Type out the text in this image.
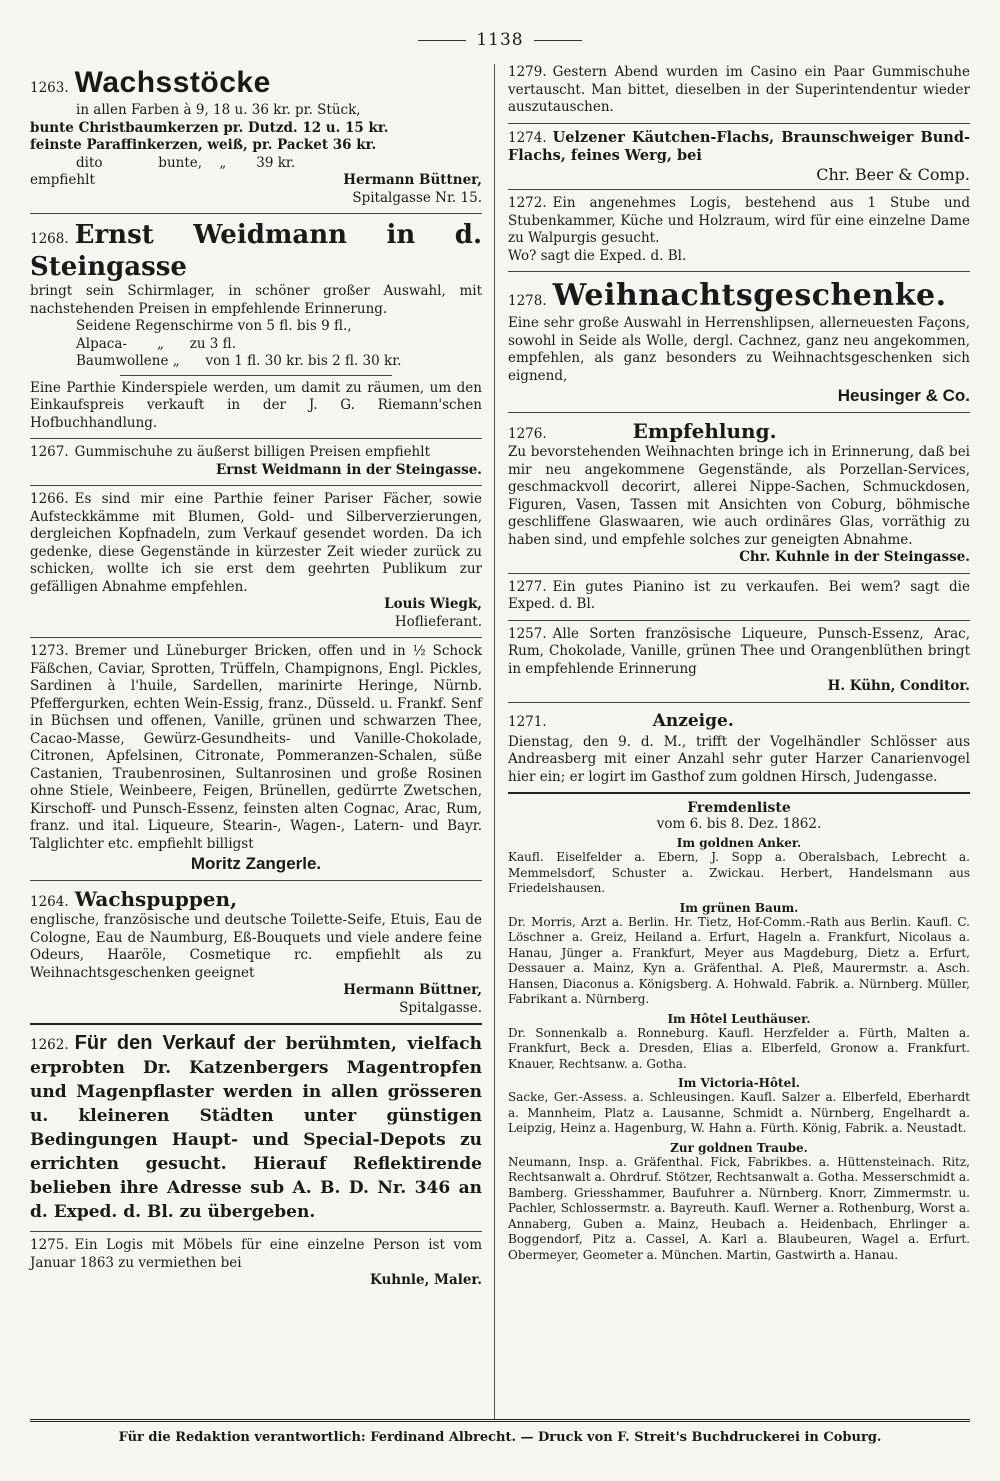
1138

1263. Wachsstöcke

in allen Farben à 9, 18 u. 36 kr. pr. Stück,

bunte Christbaumkerzen pr. Dutzd. 12 u. 15 kr.

feinste Paraffinkerzen, weiß, pr. Packet 36 kr.

dito             bunte,    „       39 kr.

empfiehlt	Hermann Büttner,

Spitalgasse Nr. 15.

1268. Ernst Weidmann in d. Steingasse

bringt sein Schirmlager, in schöner großer Auswahl, mit nachstehenden Preisen in empfehlende Erinnerung.

Seidene Regenschirme von 5 fl. bis 9 fl.,

Alpaca-       „      zu 3 fl.

Baumwollene „      von 1 fl. 30 kr. bis 2 fl. 30 kr.

Eine Parthie Kinderspiele werden, um damit zu räumen, um den Einkaufspreis verkauft in der J. G. Riemann'schen Hofbuchhandlung.

1267. Gummischuhe zu äußerst billigen Preisen empfiehlt

Ernst Weidmann in der Steingasse.

1266. Es sind mir eine Parthie feiner Pariser Fächer, sowie Aufsteckkämme mit Blumen, Gold- und Silberverzierungen, dergleichen Kopfnadeln, zum Verkauf gesendet worden. Da ich gedenke, diese Gegenstände in kürzester Zeit wieder zurück zu schicken, wollte ich sie erst dem geehrten Publikum zur gefälligen Abnahme empfehlen.

Louis Wiegk,

Hoflieferant.

1273. Bremer und Lüneburger Bricken, offen und in ½ Schock Fäßchen, Caviar, Sprotten, Trüffeln, Champignons, Engl. Pickles, Sardinen à l'huile, Sardellen, marinirte Heringe, Nürnb. Pfeffergurken, echten Wein-Essig, franz., Düsseld. u. Frankf. Senf in Büchsen und offenen, Vanille, grünen und schwarzen Thee, Cacao-Masse, Gewürz-Gesundheits- und Vanille-Chokolade, Citronen, Apfelsinen, Citronate, Pommeranzen-Schalen, süße Castanien, Traubenrosinen, Sultanrosinen und große Rosinen ohne Stiele, Weinbeere, Feigen, Brünellen, gedürrte Zwetschen, Kirschoff- und Punsch-Essenz, feinsten alten Cognac, Arac, Rum, franz. und ital. Liqueure, Stearin-, Wagen-, Latern- und Bayr. Talglichter etc. empfiehlt billigst

Moritz Zangerle.

1264. Wachspuppen,

englische, französische und deutsche Toilette-Seife, Etuis, Eau de Cologne, Eau de Naumburg, Eß-Bouquets und viele andere feine Odeurs, Haaröle, Cosmetique rc. empfiehlt als zu Weihnachtsgeschenken geeignet

Hermann Büttner,

Spitalgasse.

1262. Für den Verkauf der berühmten, vielfach erprobten Dr. Katzenbergers Magentropfen und Magenpflaster werden in allen grösseren u. kleineren Städten unter günstigen Bedingungen Haupt- und Special-Depots zu errichten gesucht. Hierauf Reflektirende belieben ihre Adresse sub A. B. D. Nr. 346 an d. Exped. d. Bl. zu übergeben.

1275. Ein Logis mit Möbels für eine einzelne Person ist vom Januar 1863 zu vermiethen bei

Kuhnle, Maler.

1279. Gestern Abend wurden im Casino ein Paar Gummischuhe vertauscht. Man bittet, dieselben in der Superintendentur wieder auszutauschen.

1274. Uelzener Käutchen-Flachs, Braunschweiger Bund-Flachs, feines Werg, bei

Chr. Beer & Comp.

1272. Ein angenehmes Logis, bestehend aus 1 Stube und Stubenkammer, Küche und Holzraum, wird für eine einzelne Dame zu Walpurgis gesucht.

Wo? sagt die Exped. d. Bl.

1278. Weihnachtsgeschenke.

Eine sehr große Auswahl in Herrenshlipsen, allerneuesten Façons, sowohl in Seide als Wolle, dergl. Cachnez, ganz neu angekommen, empfehlen, als ganz besonders zu Weihnachtsgeschenken sich eignend,

Heusinger & Co.

1276.	Empfehlung.

Zu bevorstehenden Weihnachten bringe ich in Erinnerung, daß bei mir neu angekommene Gegenstände, als Porzellan-Services, geschmackvoll decorirt, allerei Nippe-Sachen, Schmuckdosen, Figuren, Vasen, Tassen mit Ansichten von Coburg, böhmische geschliffene Glaswaaren, wie auch ordinäres Glas, vorräthig zu haben sind, und empfehle solches zur geneigten Abnahme.

Chr. Kuhnle in der Steingasse.

1277. Ein gutes Pianino ist zu verkaufen. Bei wem? sagt die Exped. d. Bl.

1257. Alle Sorten französische Liqueure, Punsch-Essenz, Arac, Rum, Chokolade, Vanille, grünen Thee und Orangenblüthen bringt in empfehlende Erinnerung

H. Kühn, Conditor.

1271.	Anzeige.

Dienstag, den 9. d. M., trifft der Vogelhändler Schlösser aus Andreasberg mit einer Anzahl sehr guter Harzer Canarienvogel hier ein; er logirt im Gasthof zum goldnen Hirsch, Judengasse.

Fremdenliste
vom 6. bis 8. Dez. 1862.
Im goldnen Anker.
Kaufl. Eiselfelder a. Ebern, J. Sopp a. Oberalsbach, Lebrecht a. Memmelsdorf, Schuster a. Zwickau. Herbert, Handelsmann aus Friedelshausen.
Im grünen Baum.
Dr. Morris, Arzt a. Berlin. Hr. Tietz, Hof-Comm.-Rath aus Berlin. Kaufl. C. Löschner a. Greiz, Heiland a. Erfurt, Hageln a. Frankfurt, Nicolaus a. Hanau, Jünger a. Frankfurt, Meyer aus Magdeburg, Dietz a. Erfurt, Dessauer a. Mainz, Kyn a. Gräfenthal. A. Pleß, Maurermstr. a. Asch. Hansen, Diaconus a. Königsberg. A. Hohwald. Fabrik. a. Nürnberg. Müller, Fabrikant a. Nürnberg.
Im Hôtel Leuthäuser.
Dr. Sonnenkalb a. Ronneburg. Kaufl. Herzfelder a. Fürth, Malten a. Frankfurt, Beck a. Dresden, Elias a. Elberfeld, Gronow a. Frankfurt. Knauer, Rechtsanw. a. Gotha.
Im Victoria-Hôtel.
Sacke, Ger.-Assess. a. Schleusingen. Kaufl. Salzer a. Elberfeld, Eberhardt a. Mannheim, Platz a. Lausanne, Schmidt a. Nürnberg, Engelhardt a. Leipzig, Heinz a. Hagenburg, W. Hahn a. Fürth. König, Fabrik. a. Neustadt.
Zur goldnen Traube.
Neumann, Insp. a. Gräfenthal. Fick, Fabrikbes. a. Hüttensteinach. Ritz, Rechtsanwalt a. Ohrdruf. Stötzer, Rechtsanwalt a. Gotha. Messerschmidt a. Bamberg. Griesshammer, Baufuhrer a. Nürnberg. Knorr, Zimmermstr. u. Pachler, Schlossermstr. a. Bayreuth. Kaufl. Werner a. Rothenburg, Worst a. Annaberg, Guben a. Mainz, Heubach a. Heidenbach, Ehrlinger a. Boggendorf, Pitz a. Cassel, A. Karl a. Blaubeuren, Wagel a. Erfurt. Obermeyer, Geometer a. München. Martin, Gastwirth a. Hanau.
Für die Redaktion verantwortlich: Ferdinand Albrecht. — Druck von F. Streit's Buchdruckerei in Coburg.
